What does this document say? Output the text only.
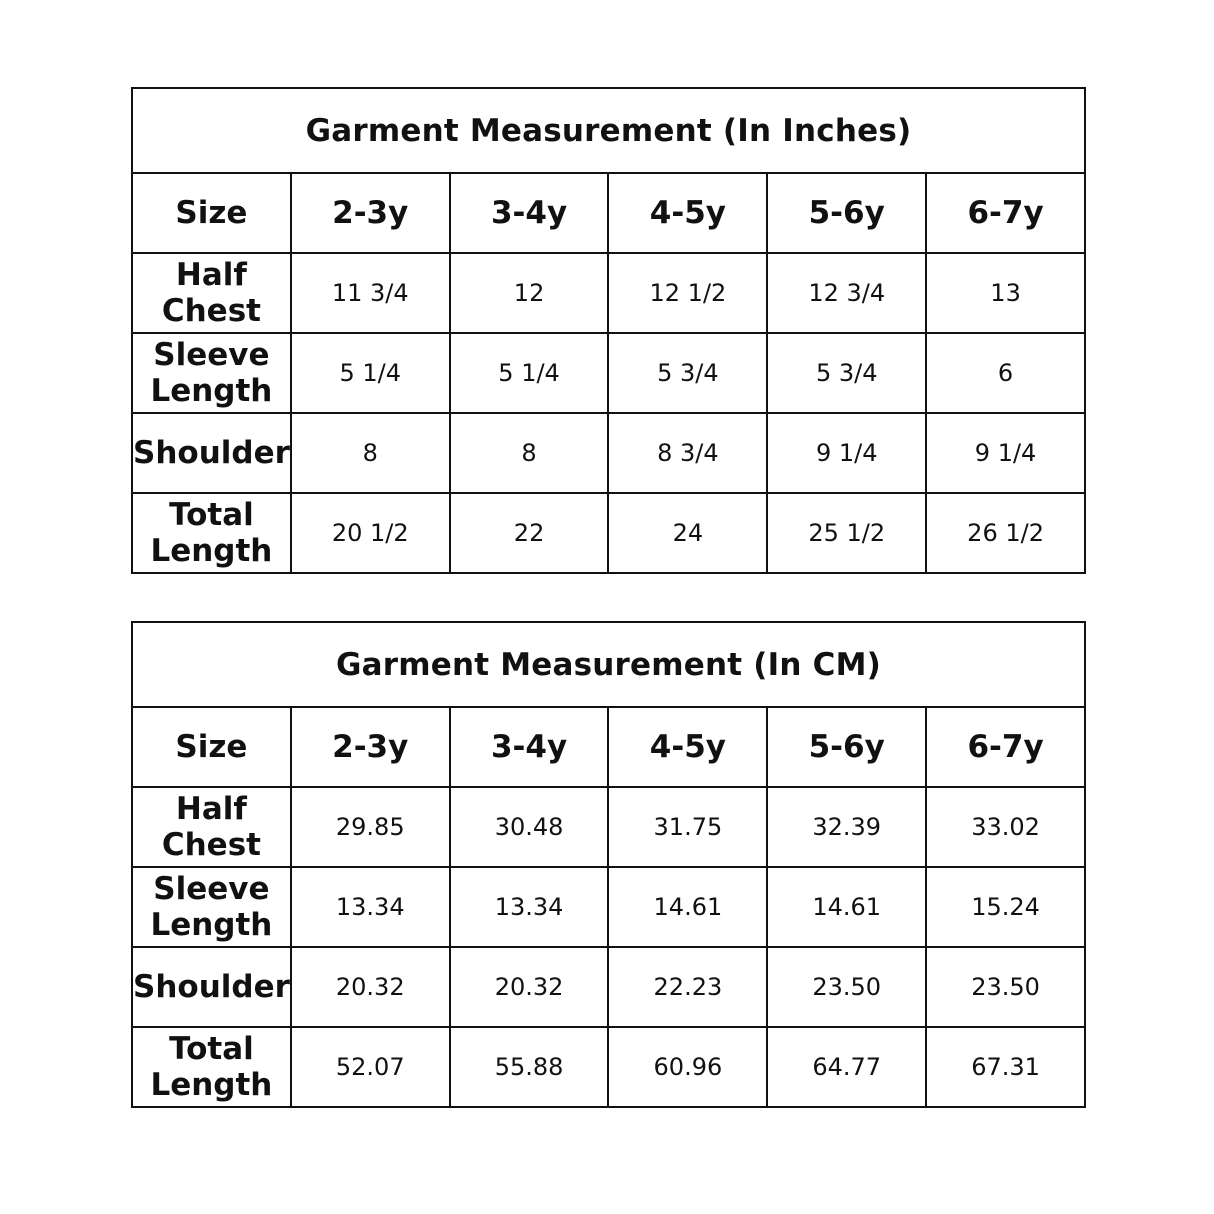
Garment Measurement (In Inches)					
Size	2-3y	3-4y	4-5y	5-6y	6-7y
Half Chest	11 3/4	12	12 1/2	12 3/4	13
Sleeve Length	5 1/4	5 1/4	5 3/4	5 3/4	6
Shoulder	8	8	8 3/4	9 1/4	9 1/4
Total Length	20 1/2	22	24	25 1/2	26 1/2
Garment Measurement (In CM)					
Size	2-3y	3-4y	4-5y	5-6y	6-7y
Half Chest	29.85	30.48	31.75	32.39	33.02
Sleeve Length	13.34	13.34	14.61	14.61	15.24
Shoulder	20.32	20.32	22.23	23.50	23.50
Total Length	52.07	55.88	60.96	64.77	67.31
